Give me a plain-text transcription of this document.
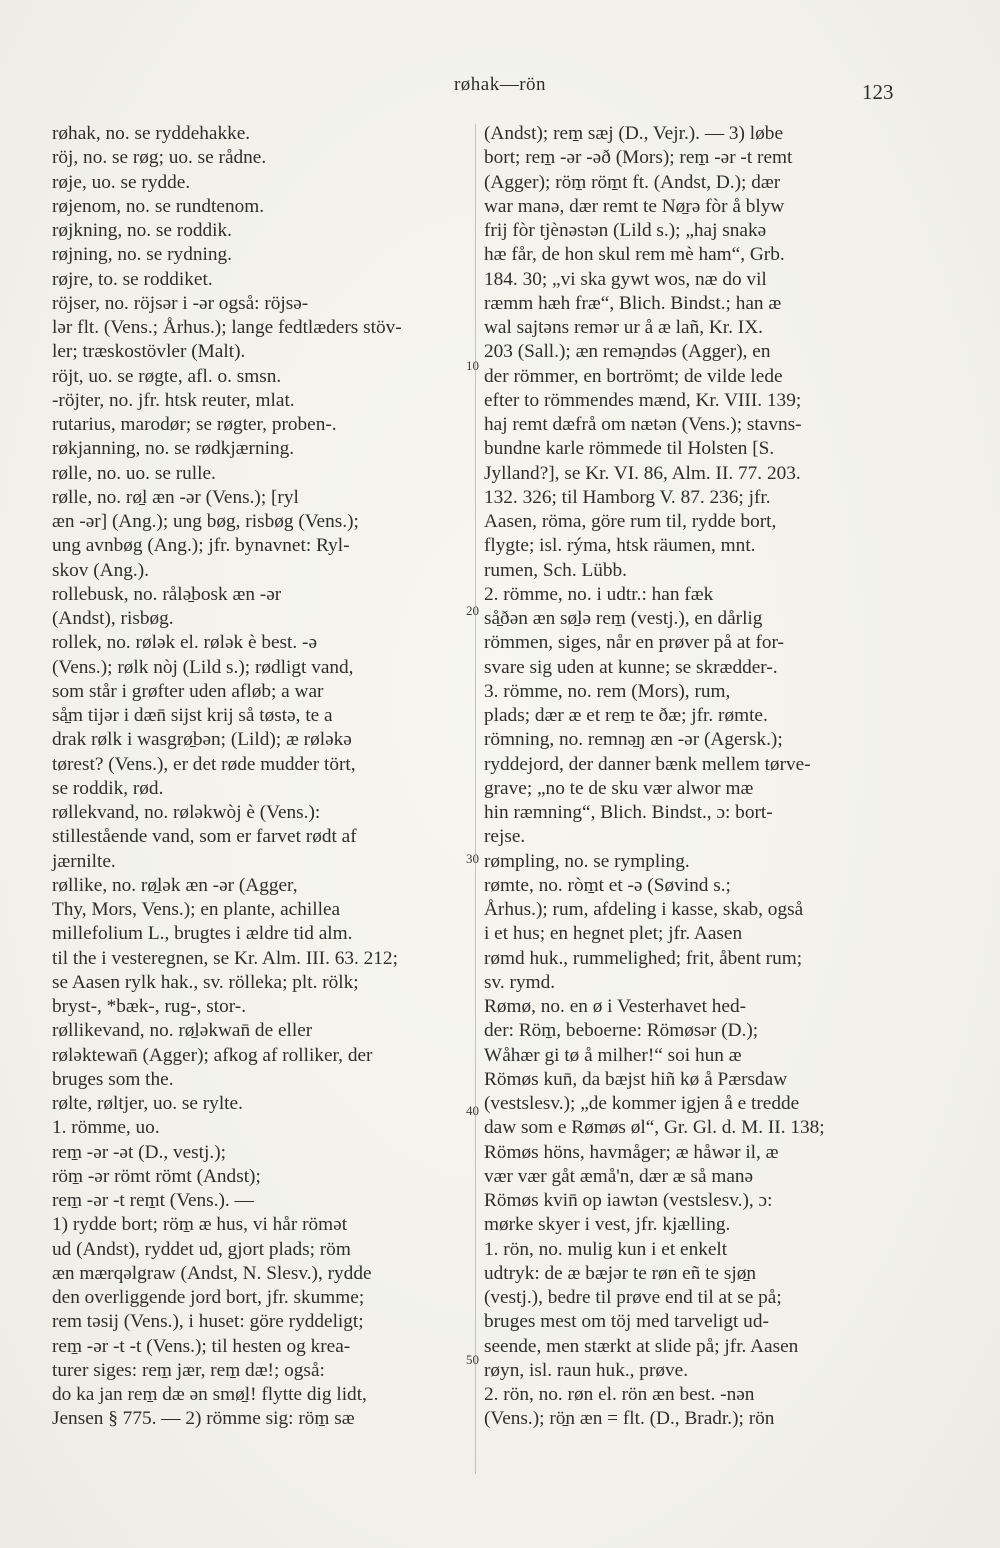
røhak—rön	123
røhak, no. se ryddehakke.
röj, no. se røg; uo. se rådne.
røje, uo. se rydde.
røjenom, no. se rundtenom.
røjkning, no. se roddik.
røjning, no. se rydning.
røjre, to. se roddiket.
röjser, no. röjsər i -ər også: röjsə-
lər flt. (Vens.; Århus.); lange fedtlæders stöv-
ler; træskostövler (Malt).
röjt, uo. se røgte, afl. o. smsn.
-röjter, no. jfr. htsk reuter, mlat.
rutarius, marodør; se røgter, proben-.
røkjanning, no. se rødkjærning.
rølle, no. uo. se rulle.
rølle, no. rø̱l æn -ər (Vens.); [ryl
æn -ər] (Ang.); ung bøg, risbøg (Vens.);
ung avnbøg (Ang.); jfr. bynavnet: Ryl-
skov (Ang.).
rollebusk, no. rålə̱bosk æn -ər
(Andst), risbøg.
rollek, no. rølək el. rølək è best. -ə
(Vens.); rølk nòj (Lild s.); rødligt vand,
som står i grøfter uden afløb; a war
så̱m tijər i dæn̄ sijst krij så tøstə, te a
drak rølk i wasgrø̱bən; (Lild); æ røləkə
tørest? (Vens.), er det røde mudder tört,
se roddik, rød.
røllekvand, no. røləkwòj è (Vens.):
stillestående vand, som er farvet rødt af
jærnilte.
røllike, no. rø̱lək æn -ər (Agger,
Thy, Mors, Vens.); en plante, achillea
millefolium L., brugtes i ældre tid alm.
til the i vesteregnen, se Kr. Alm. III. 63. 212;
se Aasen rylk hak., sv. rölleka; plt. rölk;
bryst-, *bæk-, rug-, stor-.
røllikevand, no. rø̱ləkwan̄ de eller
røləktewan̄ (Agger); afkog af rolliker, der
bruges som the.
rølte, røltjer, uo. se rylte.
1. römme, uo.
rem̱ -ər -ət (D., vestj.);
röm̱ -ər römt römt (Andst);
rem̱ -ər -t rem̱t (Vens.). —
1) rydde bort; röm̱ æ hus, vi hår römət
ud (Andst), ryddet ud, gjort plads; röm
æn mærqəlgraw (Andst, N. Slesv.), rydde
den overliggende jord bort, jfr. skumme;
rem təsij (Vens.), i huset: göre ryddeligt;
rem̱ -ər -t -t (Vens.); til hesten og krea-
turer siges: rem̱ jær, rem̱ dæ!; også:
do ka jan rem̱ dæ ən smø̱l! flytte dig lidt,
Jensen § 775. — 2) römme sig: röm̱ sæ
(Andst); rem̱ sæj (D., Vejr.). — 3) løbe
bort; rem̱ -ər -əð (Mors); rem̱ -ər -t remt
(Agger); röm̱ röm̱t ft. (Andst, D.); dær
war manə, dær remt te Nø̱rə fòr å blyw
frij fòr tjènəstən (Lild s.); „haj snakə
hæ får, de hon skul rem mè ham“, Grb.
184. 30; „vi ska gywt wos, næ do vil
ræmm hæh fræ“, Blich. Bindst.; han æ
wal sajtəns remər ur å æ lañ, Kr. IX.
203 (Sall.); æn remə̱ndəs (Agger), en
der römmer, en bortrömt; de vilde lede
efter to römmendes mænd, Kr. VIII. 139;
haj remt dæfrå om nætən (Vens.); stavns-
bundne karle römmede til Holsten [S.
Jylland?], se Kr. VI. 86, Alm. II. 77. 203.
132. 326; til Hamborg V. 87. 236; jfr.
Aasen, röma, göre rum til, rydde bort,
flygte; isl. rýma, htsk räumen, mnt.
rumen, Sch. Lübb.
2. römme, no. i udtr.: han fæk
så̱ðən æn sø̱lə rem̱ (vestj.), en dårlig
römmen, siges, når en prøver på at for-
svare sig uden at kunne; se skrædder-.
3. römme, no. rem (Mors), rum,
plads; dær æ et rem̱ te ðæ; jfr. rømte.
römning, no. remnə̱ŋ æn -ər (Agersk.);
ryddejord, der danner bænk mellem tørve-
grave; „no te de sku vær alwor mæ
hin ræmning“, Blich. Bindst., ɔ: bort-
rejse.
rømpling, no. se rympling.
rømte, no. ròm̱t et -ə (Søvind s.;
Århus.); rum, afdeling i kasse, skab, også
i et hus; en hegnet plet; jfr. Aasen
rømd huk., rummelighed; frit, åbent rum;
sv. rymd.
Rømø, no. en ø i Vesterhavet hed-
der: Röm̱, beboerne: Römøsər (D.);
Wåhær gi tø å milher!“ soi hun æ
Römøs kun̄, da bæjst hiñ kø å Pærsdaw
(vestslesv.); „de kommer igjen å e tredde
daw som e Rømøs øl“, Gr. Gl. d. M. II. 138;
Römøs höns, havmåger; æ håwər il, æ
vær vær gåt æmå'n, dær æ så manə
Römøs kvin̄ op iawtən (vestslesv.), ɔ:
mørke skyer i vest, jfr. kjælling.
1. rön, no. mulig kun i et enkelt
udtryk: de æ bæjər te røn eñ te sjø̱n
(vestj.), bedre til prøve end til at se på;
bruges mest om töj med tarveligt ud-
seende, men stærkt at slide på; jfr. Aasen
røyn, isl. raun huk., prøve.
2. rön, no. røn el. rön æn best. -nən
(Vens.); rö̱n æn = flt. (D., Bradr.); rön
10
20
30
40
50
